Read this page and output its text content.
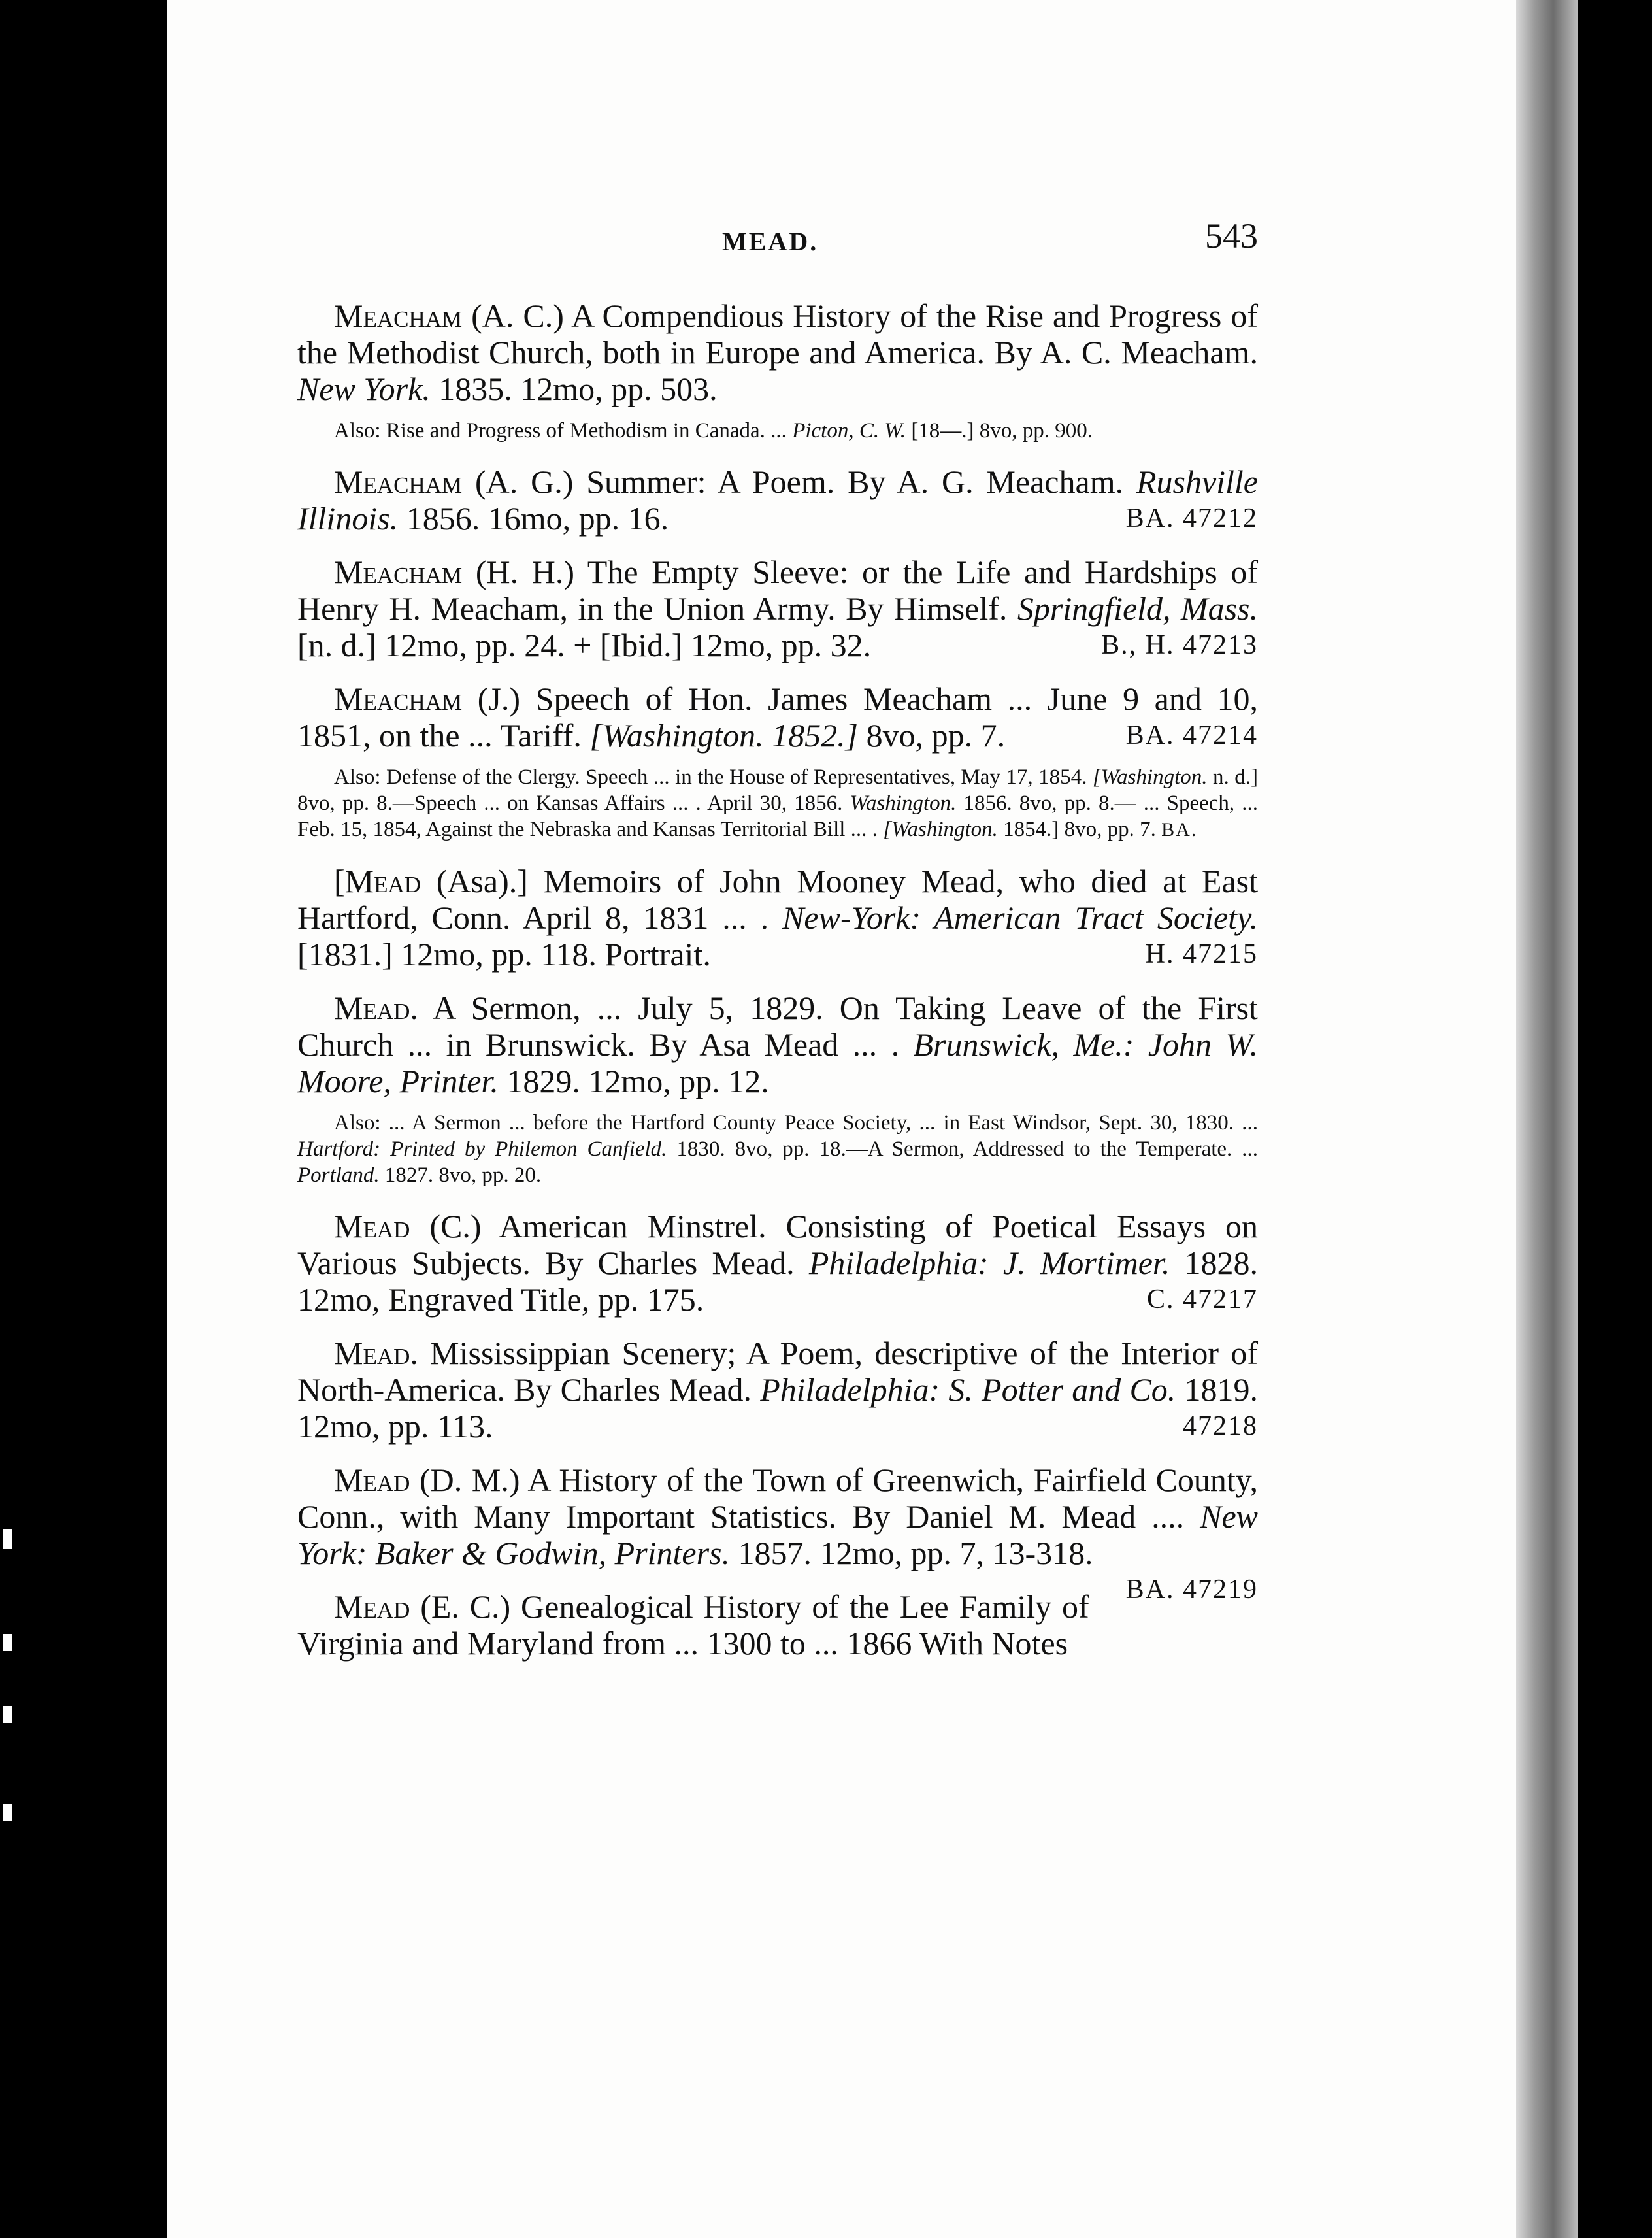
MEAD.	543

Meacham (A. C.) A Compendious History of the Rise and Progress of the Methodist Church, both in Europe and America. By A. C. Meacham. New York. 1835. 12mo, pp. 503.

Also: Rise and Progress of Methodism in Canada. ... Picton, C. W. [18—.] 8vo, pp. 900.

Meacham (A. G.) Summer: A Poem. By A. G. Meacham. Rushville Illinois. 1856. 16mo, pp. 16.	BA. 47212

Meacham (H. H.) The Empty Sleeve: or the Life and Hardships of Henry H. Meacham, in the Union Army. By Himself. Springfield, Mass. [n. d.] 12mo, pp. 24. + [Ibid.] 12mo, pp. 32.	B., H. 47213

Meacham (J.) Speech of Hon. James Meacham ... June 9 and 10, 1851, on the ... Tariff. [Washington. 1852.] 8vo, pp. 7.	BA. 47214

Also: Defense of the Clergy. Speech ... in the House of Representatives, May 17, 1854. [Washington. n. d.] 8vo, pp. 8.—Speech ... on Kansas Affairs ... . April 30, 1856. Washington. 1856. 8vo, pp. 8.— ... Speech, ... Feb. 15, 1854, Against the Nebraska and Kansas Territorial Bill ... . [Washington. 1854.] 8vo, pp. 7. BA.

[Mead (Asa).] Memoirs of John Mooney Mead, who died at East Hartford, Conn. April 8, 1831 ... . New-York: American Tract Society. [1831.] 12mo, pp. 118. Portrait.	H. 47215

Mead. A Sermon, ... July 5, 1829. On Taking Leave of the First Church ... in Brunswick. By Asa Mead ... . Brunswick, Me.: John W. Moore, Printer. 1829. 12mo, pp. 12.

Also: ... A Sermon ... before the Hartford County Peace Society, ... in East Windsor, Sept. 30, 1830. ... Hartford: Printed by Philemon Canfield. 1830. 8vo, pp. 18.—A Sermon, Addressed to the Temperate. ... Portland. 1827. 8vo, pp. 20.

Mead (C.) American Minstrel. Consisting of Poetical Essays on Various Subjects. By Charles Mead. Philadelphia: J. Mortimer. 1828. 12mo, Engraved Title, pp. 175.	C. 47217

Mead. Mississippian Scenery; A Poem, descriptive of the Interior of North-America. By Charles Mead. Philadelphia: S. Potter and Co. 1819. 12mo, pp. 113.	47218

Mead (D. M.) A History of the Town of Greenwich, Fairfield County, Conn., with Many Important Statistics. By Daniel M. Mead .... New York: Baker & Godwin, Printers. 1857. 12mo, pp. 7, 13-318.
BA. 47219

Mead (E. C.) Genealogical History of the Lee Family of Virginia and Maryland from ... 1300 to ... 1866 With Notes
